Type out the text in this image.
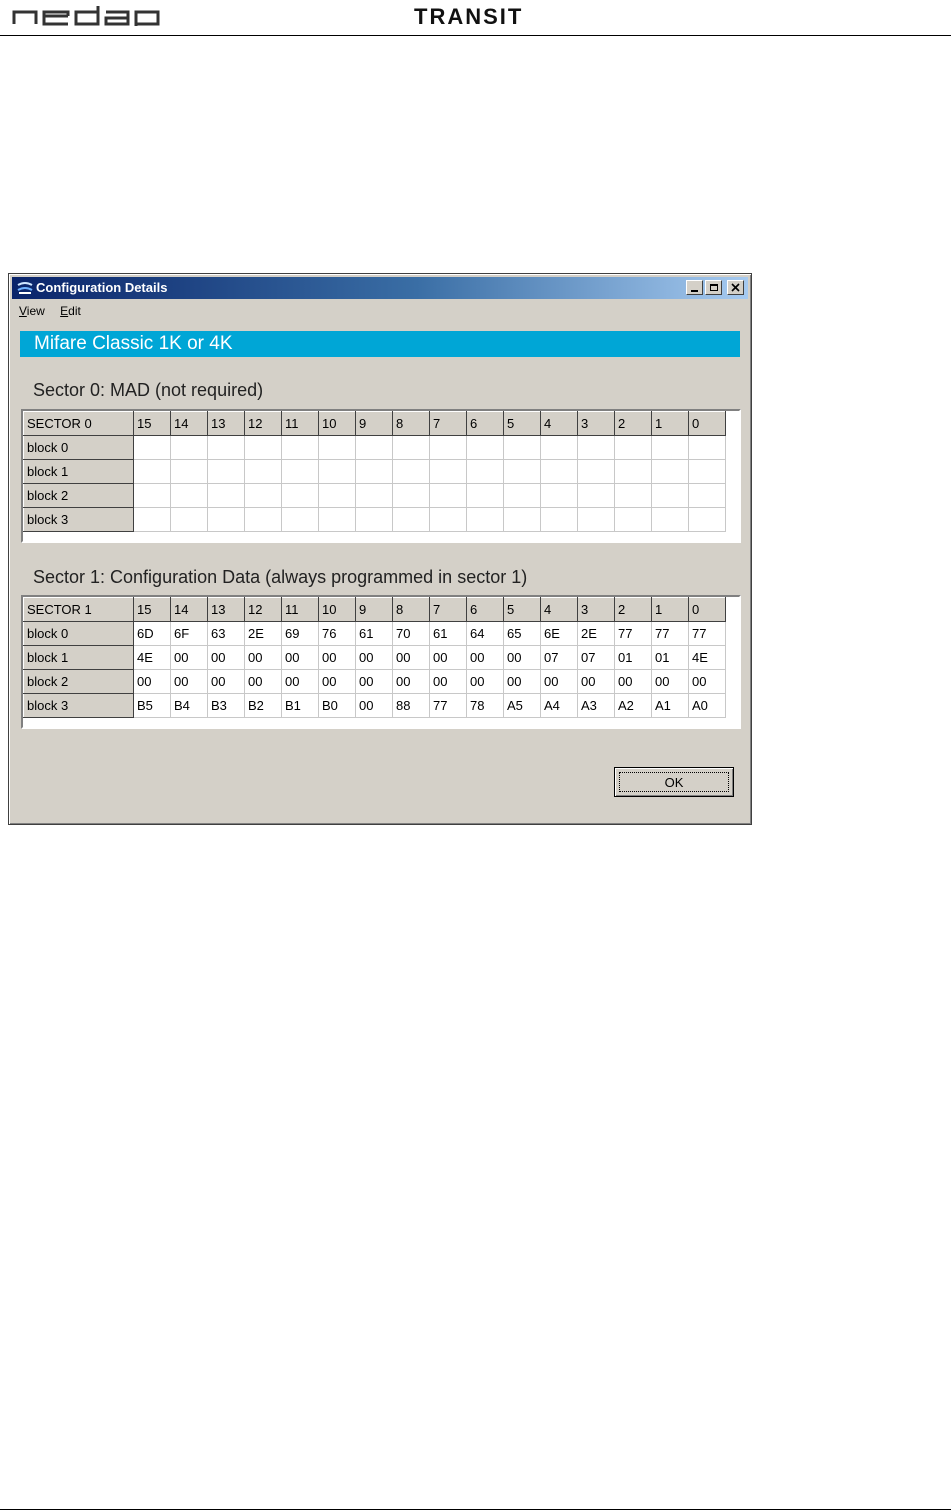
TRANSIT
Configuration Details
View Edit
Mifare Classic 1K or 4K
Sector 0: MAD (not required)
SECTOR 0	15	14	13	12	11	10	9	8	7	6	5	4	3	2	1	0
block 0																
block 1																
block 2																
block 3																
Sector 1: Configuration Data (always programmed in sector 1)
SECTOR 1	15	14	13	12	11	10	9	8	7	6	5	4	3	2	1	0
block 0	6D	6F	63	2E	69	76	61	70	61	64	65	6E	2E	77	77	77
block 1	4E	00	00	00	00	00	00	00	00	00	00	07	07	01	01	4E
block 2	00	00	00	00	00	00	00	00	00	00	00	00	00	00	00	00
block 3	B5	B4	B3	B2	B1	B0	00	88	77	78	A5	A4	A3	A2	A1	A0
OK
